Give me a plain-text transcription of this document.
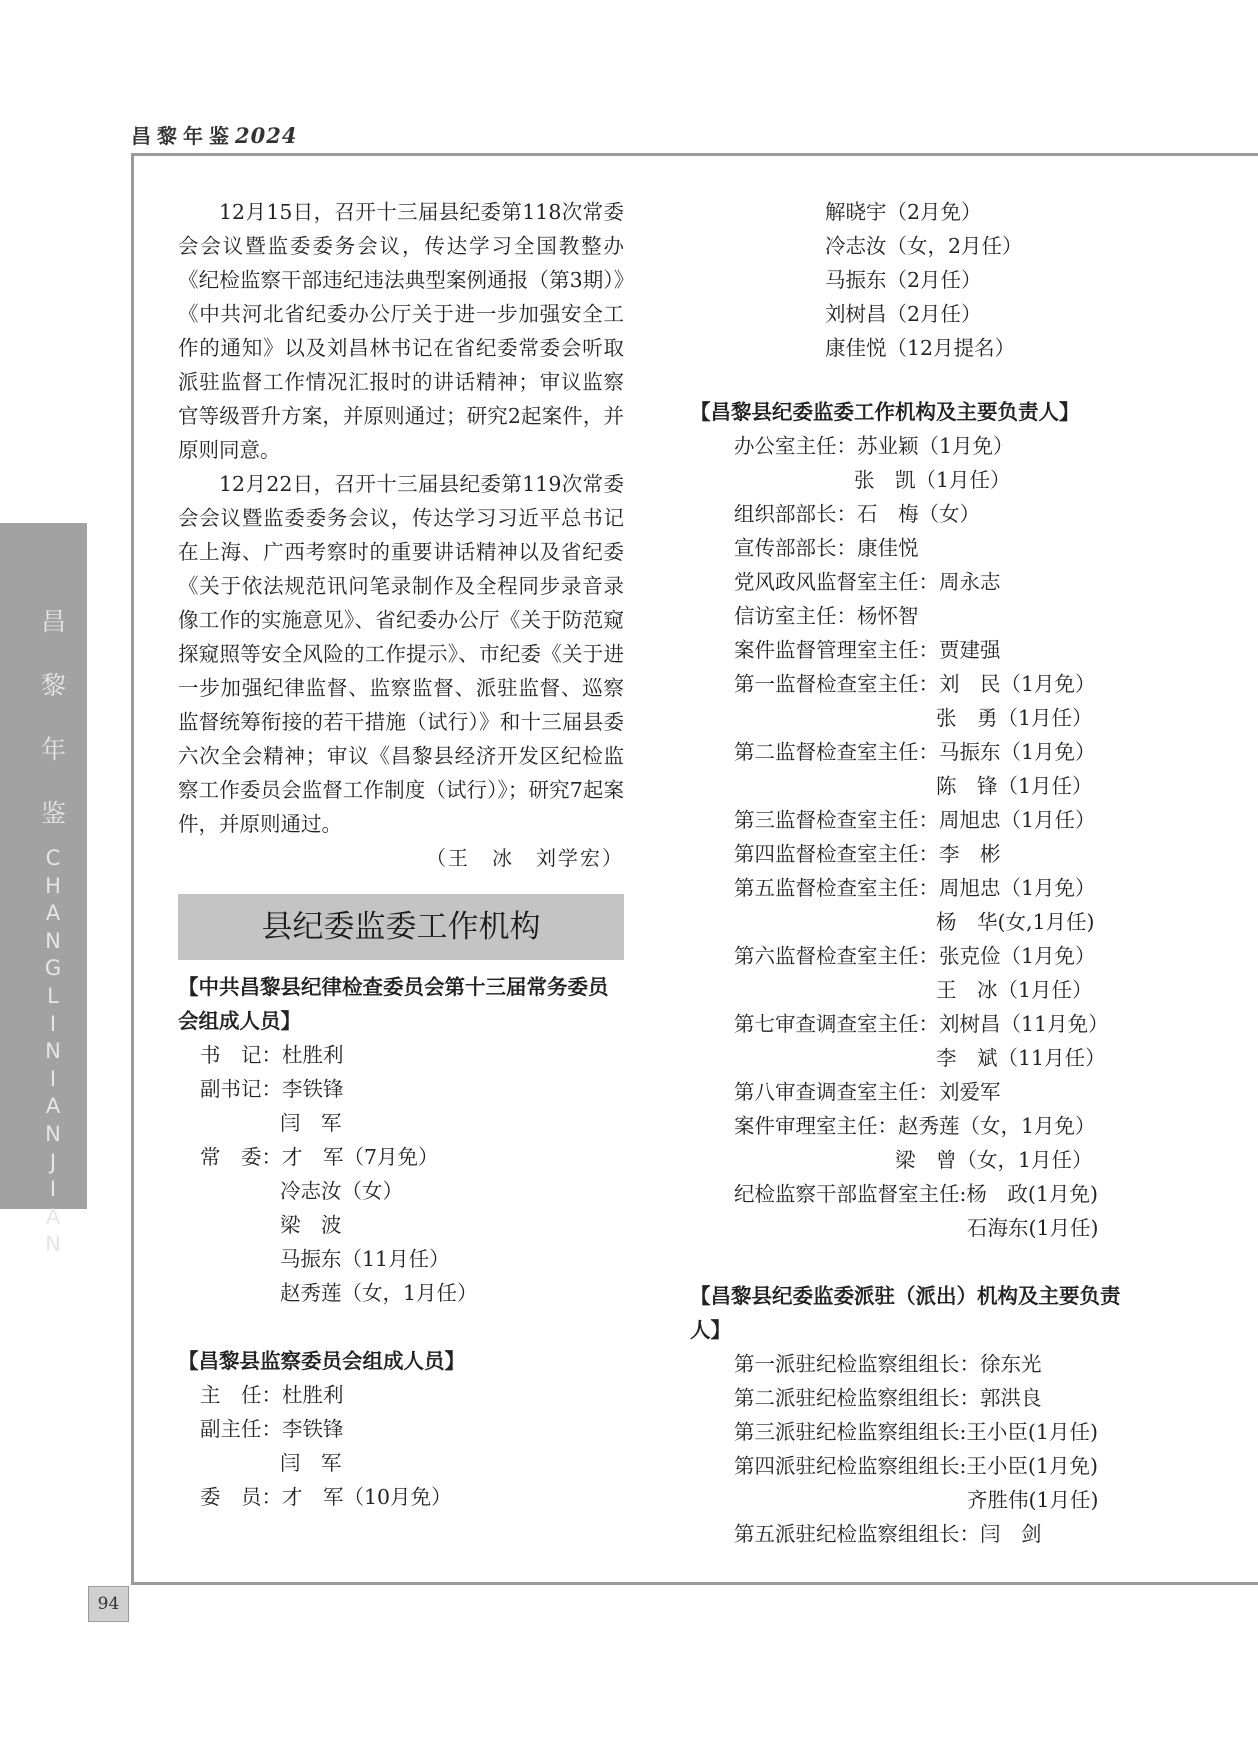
昌黎年鉴2024
昌
黎
年
鉴
C
H
A
N
G
L
I
N
I
A
N
J
I
A
N
94

12月15日，召开十三届县纪委第118次常委会会议暨监委委务会议，传达学习全国教整办《纪检监察干部违纪违法典型案例通报（第3期）》《中共河北省纪委办公厅关于进一步加强安全工作的通知》以及刘昌林书记在省纪委常委会听取派驻监督工作情况汇报时的讲话精神；审议监察官等级晋升方案，并原则通过；研究2起案件，并原则同意。

12月22日，召开十三届县纪委第119次常委会会议暨监委委务会议，传达学习习近平总书记在上海、广西考察时的重要讲话精神以及省纪委《关于依法规范讯问笔录制作及全程同步录音录像工作的实施意见》、省纪委办公厅《关于防范窥探窥照等安全风险的工作提示》、市纪委《关于进一步加强纪律监督、监察监督、派驻监督、巡察监督统筹衔接的若干措施（试行）》和十三届县委六次全会精神；审议《昌黎县经济开发区纪检监察工作委员会监督工作制度（试行）》；研究7起案件，并原则通过。

（王　冰　刘学宏）

县纪委监委工作机构

【中共昌黎县纪律检查委员会第十三届常务委员会组成人员】

书　记：杜胜利

副书记：李铁锋

闫　军

常　委：才　军（7月免）

冷志汝（女）

梁　波

马振东（11月任）

赵秀莲（女，1月任）

【昌黎县监察委员会组成人员】

主　任：杜胜利

副主任：李铁锋

闫　军

委　员：才　军（10月免）

解晓宇（2月免）

冷志汝（女，2月任）

马振东（2月任）

刘树昌（2月任）

康佳悦（12月提名）

【昌黎县纪委监委工作机构及主要负责人】

办公室主任：苏业颖（1月免）

张　凯（1月任）

组织部部长：石　梅（女）

宣传部部长：康佳悦

党风政风监督室主任：周永志

信访室主任：杨怀智

案件监督管理室主任：贾建强

第一监督检查室主任：刘　民（1月免）

张　勇（1月任）

第二监督检查室主任：马振东（1月免）

陈　锋（1月任）

第三监督检查室主任：周旭忠（1月任）

第四监督检查室主任：李　彬

第五监督检查室主任：周旭忠（1月免）

杨　华(女,1月任)

第六监督检查室主任：张克俭（1月免）

王　冰（1月任）

第七审查调查室主任：刘树昌（11月免）

李　斌（11月任）

第八审查调查室主任：刘爱军

案件审理室主任：赵秀莲（女，1月免）

梁　曾（女，1月任）

纪检监察干部监督室主任:杨　政(1月免)

石海东(1月任)

【昌黎县纪委监委派驻（派出）机构及主要负责人】

第一派驻纪检监察组组长：徐东光

第二派驻纪检监察组组长：郭洪良

第三派驻纪检监察组组长:王小臣(1月任)

第四派驻纪检监察组组长:王小臣(1月免)

齐胜伟(1月任)

第五派驻纪检监察组组长：闫　剑
